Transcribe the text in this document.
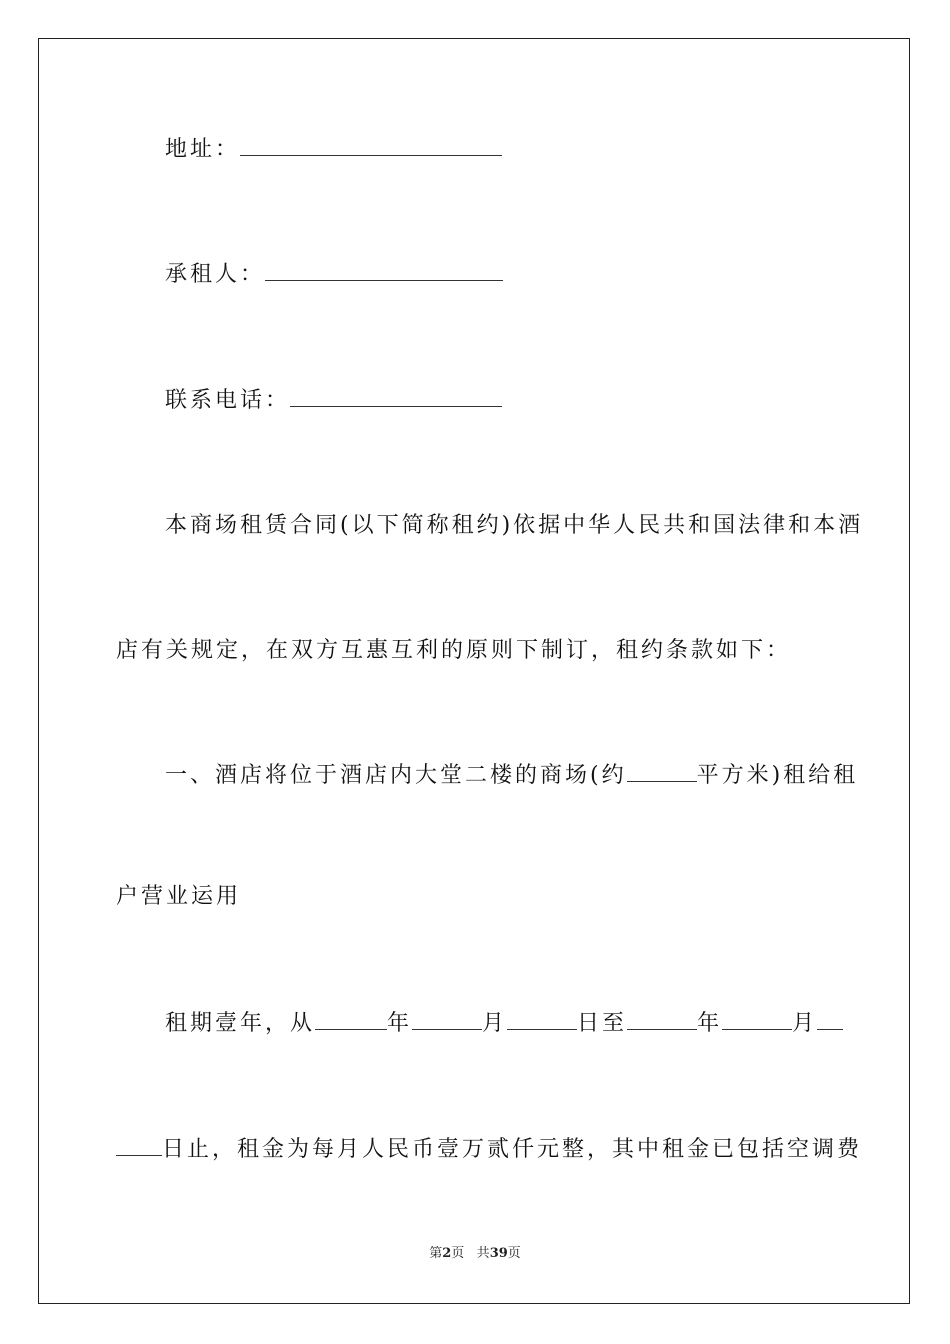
地址：
承租人：
联系电话：
本商场租赁合同(以下简称租约)依据中华人民共和国法律和本酒
店有关规定，在双方互惠互利的原则下制订，租约条款如下：
一、酒店将位于酒店内大堂二楼的商场(约	平方米)租给租
户营业运用
租期壹年，从	年	月	日至	年	月
日止，租金为每月人民币壹万贰仟元整，其中租金已包括空调费
第2页 共39页
